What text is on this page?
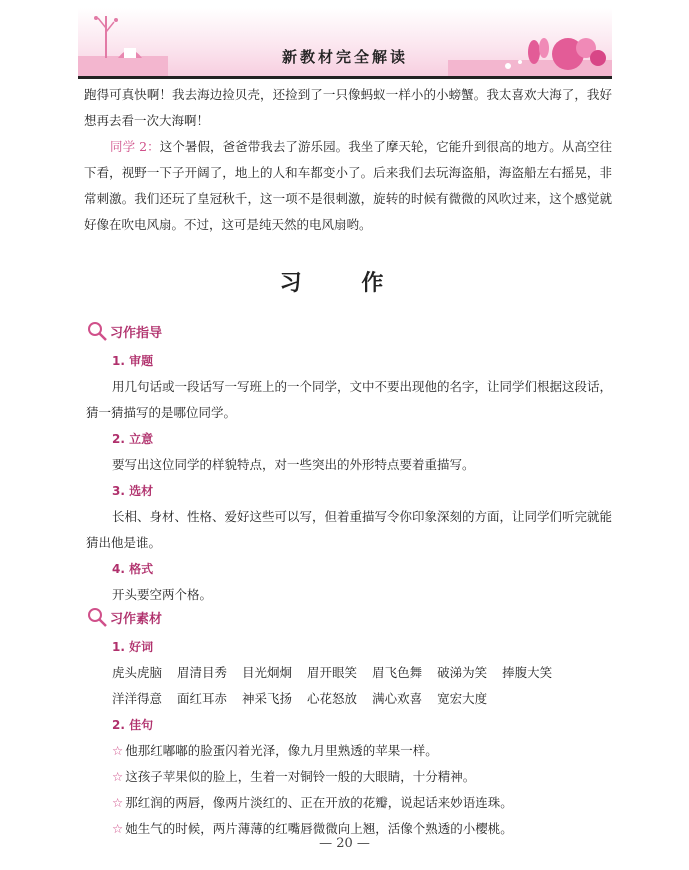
新教材完全解读

跑得可真快啊！我去海边捡贝壳，还捡到了一只像蚂蚁一样小的小螃蟹。我太喜欢大海了，我好想再去看一次大海啊！

同学 2：这个暑假，爸爸带我去了游乐园。我坐了摩天轮，它能升到很高的地方。从高空往下看，视野一下子开阔了，地上的人和车都变小了。后来我们去玩海盗船，海盗船左右摇晃，非常刺激。我们还玩了皇冠秋千，这一项不是很刺激，旋转的时候有微微的风吹过来，这个感觉就好像在吹电风扇。不过，这可是纯天然的电风扇哟。

习 作
习作指导
1. 审题

用几句话或一段话写一写班上的一个同学，文中不要出现他的名字，让同学们根据这段话，猜一猜描写的是哪位同学。

2. 立意

要写出这位同学的样貌特点，对一些突出的外形特点要着重描写。

3. 选材

长相、身材、性格、爱好这些可以写，但着重描写令你印象深刻的方面，让同学们听完就能猜出他是谁。

4. 格式

开头要空两个格。

习作素材
1. 好词
虎头虎脑 眉清目秀 目光炯炯 眉开眼笑 眉飞色舞 破涕为笑 捧腹大笑
洋洋得意 面红耳赤 神采飞扬 心花怒放 满心欢喜 宽宏大度
2. 佳句
☆ 他那红嘟嘟的脸蛋闪着光泽，像九月里熟透的苹果一样。
☆ 这孩子苹果似的脸上，生着一对铜铃一般的大眼睛，十分精神。
☆ 那红润的两唇，像两片淡红的、正在开放的花瓣，说起话来妙语连珠。
☆ 她生气的时候，两片薄薄的红嘴唇微微向上翘，活像个熟透的小樱桃。
— 20 —
